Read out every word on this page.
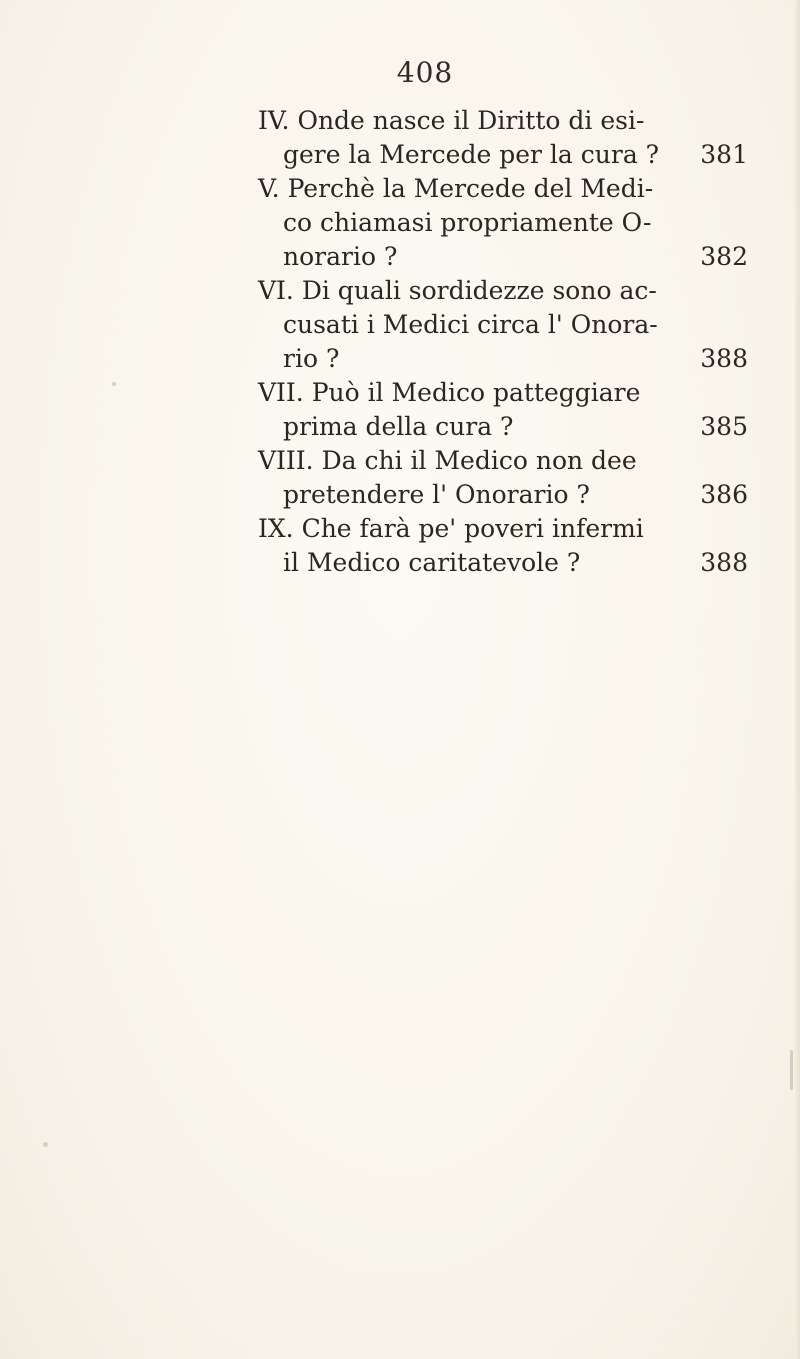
408
IV. Onde nasce il Diritto di esi-
gere la Mercede per la cura ? 381
V. Perchè la Mercede del Medi-
co chiamasi propriamente O-
norario ?	382
VI. Di quali sordidezze sono ac-
cusati i Medici circa l' Onora-
rio ?	388
VII. Può il Medico patteggiare
prima della cura ?	385
VIII. Da chi il Medico non dee
pretendere l' Onorario ?	386
IX. Che farà pe' poveri infermi
il Medico caritatevole ?	388
